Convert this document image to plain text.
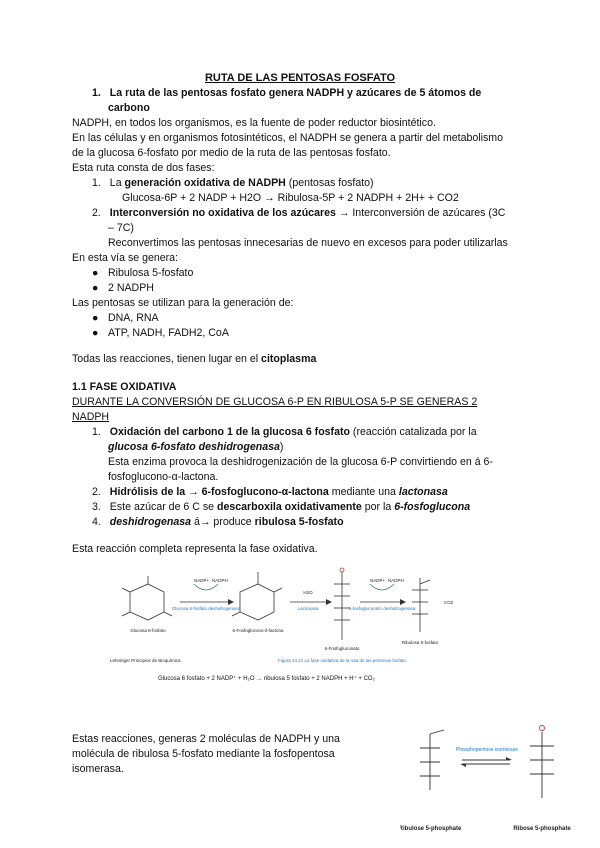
RUTA DE LAS PENTOSAS FOSFATO
1. La ruta de las pentosas fosfato genera NADPH y azúcares de 5 átomos de
carbono
NADPH, en todos los organismos, es la fuente de poder reductor biosintético.
En las células y en organismos fotosintéticos, el NADPH se genera a partir del metabolismo
de la glucosa 6-fosfato por medio de la ruta de las pentosas fosfato.
Esta ruta consta de dos fases:
1. La generación oxidativa de NADPH (pentosas fosfato)
Glucosa-6P + 2 NADP + H2O → Ribulosa-5P + 2 NADPH + 2H+ + CO2
2. Interconversión no oxidativa de los azúcares → Interconversión de azúcares (3C
– 7C)
Reconvertimos las pentosas innecesarias de nuevo en excesos para poder utilizarlas
En esta vía se genera:
● Ribulosa 5-fosfato
● 2 NADPH
Las pentosas se utilizan para la generación de:
● DNA, RNA
● ATP, NADH, FADH2, CoA
Todas las reacciones, tienen lugar en el citoplasma
1.1 FASE OXIDATIVA
DURANTE LA CONVERSIÓN DE GLUCOSA 6-P EN RIBULOSA 5-P SE GENERAS 2
NADPH
1. Oxidación del carbono 1 de la glucosa 6 fosfato (reacción catalizada por la
glucosa 6-fosfato deshidrogenasa)
Esta enzima provoca la deshidrogenización de la glucosa 6-P convirtiendo en á 6-
fosfoglucono-α-lactona.
2. Hidrólisis de la → 6-fosfoglucono-α-lactona mediante una lactonasa
3. Este azúcar de 6 C se descarboxila oxidativamente por la 6-fosfoglucona
4. deshidrogenasa á→ produce ribulosa 5-fosfato
Esta reacción completa representa la fase oxidativa.
Glucosa 6-fosfato	6-Fosfoglucono-δ-lactona
6-Fosfogluconato
Ribulosa 5-fosfato
NADP+ NADPH	NADP+ NADPH
Glucosa 6-fosfato deshidrogenasa	Lactonasa	6-fosfogluconato deshidrogenasa
H2O
CO2
Lehninger Principios de Bioquímica	Figura 14.21 La fase oxidativa de la ruta de las pentosas fosfato.
Glucosa 6 fosfato + 2 NADP⁺ + H₂O → ribulosa 5 fosfato + 2 NADPH + H⁺ + CO₂
Estas reacciones, generas 2 moléculas de NADPH y una
molécula de ribulosa 5-fosfato mediante la fosfopentosa
isomerasa.
Phosphopentose isomerase
Ribulose 5-phosphate	Ribose 5-phosphate
